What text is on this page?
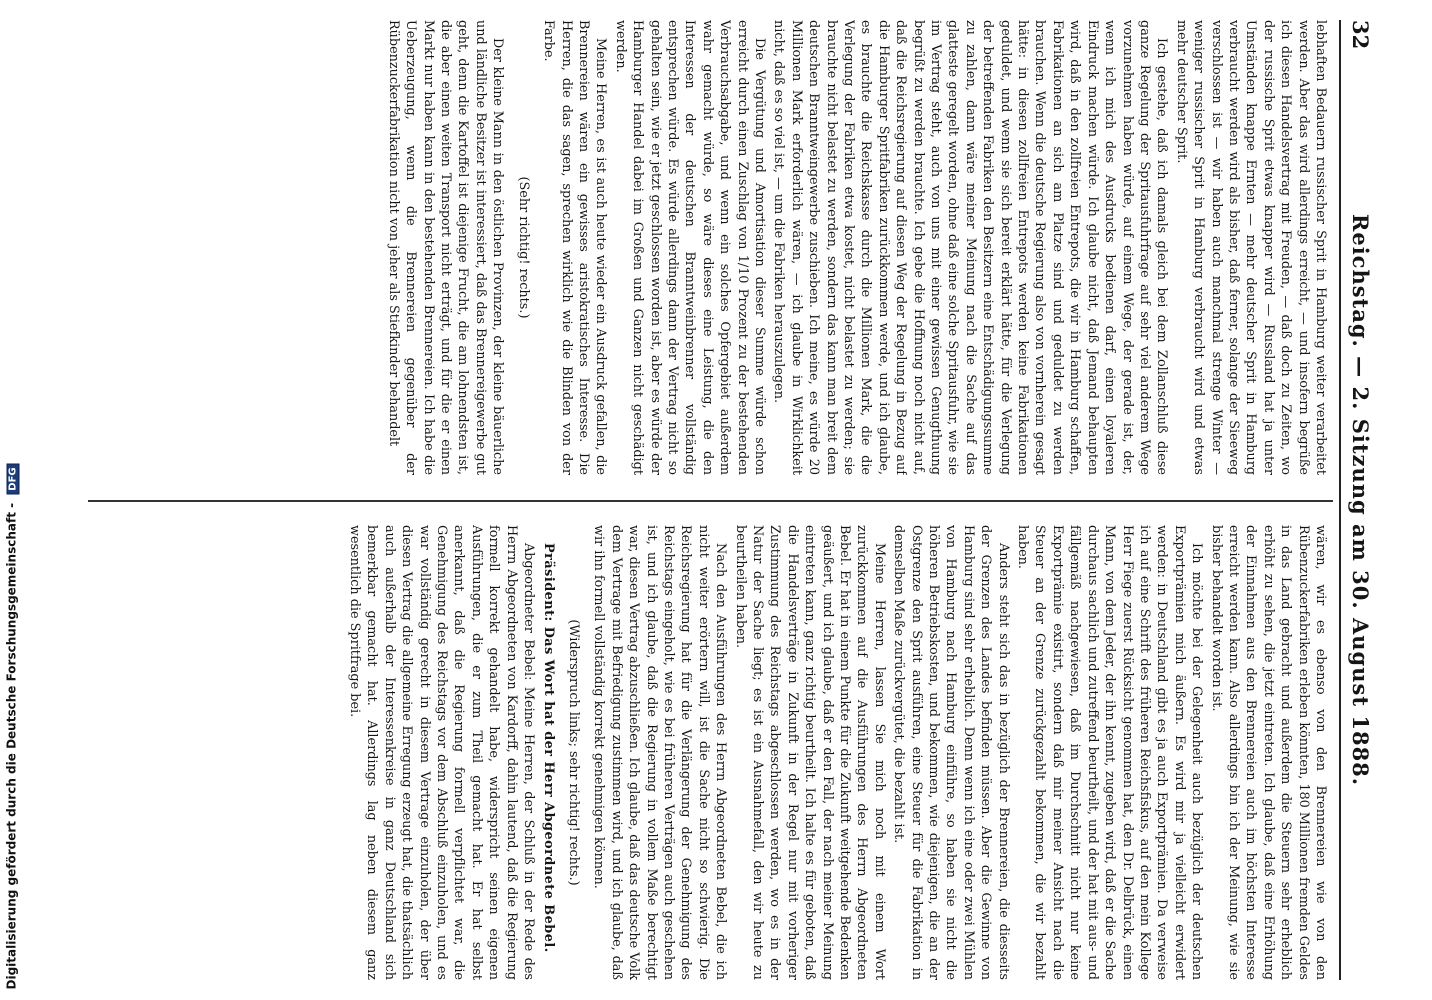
32
Reichstag. — 2. Sitzung am 30. August 1888.

lebhaften Bedauern russischer Sprit in Hamburg weiter verarbeitet werden. Aber das wird allerdings erreicht, — und insofern begrüße ich diesen Handelsvertrag mit Freuden, — daß doch zu Zeiten, wo der russische Sprit etwas knapper wird — Russland hat ja unter Umständen knappe Ernten — mehr deutscher Sprit in Hamburg verbraucht werden wird als bisher, daß ferner, solange der Sieeweg verschlossen ist — wir haben auch manchmal strenge Winter — weniger russischer Sprit in Hamburg verbraucht wird und etwas mehr deutscher Sprit.

Ich gestehe, daß ich damals gleich bei dem Zollanschluß diese ganze Regelung der Spritausfuhrfrage auf sehr viel anderem Wege vorzunehmen haben würde, auf einem Wege, der gerade ist, der, wenn ich mich des Ausdrucks bedienen darf, einen loyaleren Eindruck machen würde. Ich glaube nicht, daß Jemand behaupten wird, daß in den zollfreien Entrepots, die wir in Hamburg schaffen, Fabrikationen an sich am Platze sind und geduldet zu werden brauchen. Wenn die deutsche Regierung also von vornherein gesagt hätte: in diesen zollfreien Entrepots werden keine Fabrikationen geduldet, und wenn sie sich bereit erklärt hätte, für die Verlegung der betreffenden Fabriken den Besitzern eine Entschädigungssumme zu zahlen, dann wäre meiner Meinung nach die Sache auf das glatteste geregelt worden, ohne daß eine solche Spritausfuhr, wie sie im Vertrag steht, auch von uns mit einer gewissen Genugthuung begrüßt zu werden brauchte. Ich gebe die Hoffnung noch nicht auf, daß die Reichsregierung auf diesen Weg der Regelung in Bezug auf die Hamburger Spritfabriken zurückkommen werde, und ich glaube, es brauchte die Reichskasse durch die Millionen Mark, die die Verlegung der Fabriken etwa kostet, nicht belastet zu werden; sie brauchte nicht belastet zu werden, sondern das kann man breit dem deutschen Branntweingewerbe zuschieben. Ich meine, es würde 20 Millionen Mark erforderlich wären, — ich glaube in Wirklichkeit nicht, daß es so viel ist, — um die Fabriken herauszulegen.

Die Vergütung und Amortisation dieser Summe würde schon erreicht durch einen Zuschlag von 1/10 Prozent zu der bestehenden Verbrauchsabgabe, und wenn ein solches Opfergebiet außerdem wahr gemacht würde, so wäre dieses eine Leistung, die den Interessen der deutschen Branntweinbrenner vollständig entsprechen würde. Es würde allerdings dann der Vertrag nicht so gehalten sein, wie er jetzt geschlossen worden ist, aber es würde der Hamburger Handel dabei im Großen und Ganzen nicht geschädigt werden.

Meine Herren, es ist auch heute wieder ein Ausdruck gefallen, die Brennereien wären ein gewisses aristokratisches Interesse. Die Herren, die das sagen, sprechen wirklich wie die Blinden von der Farbe.

(Sehr richtig! rechts.)

Der kleine Mann in den östlichen Provinzen, der kleine bäuerliche und ländliche Besitzer ist interessiert, daß das Brennereigewerbe gut geht, denn die Kartoffel ist diejenige Frucht, die am lohnendsten ist, die aber einen weiten Transport nicht erträgt, und für die er einen Markt nur haben kann in den bestehenden Brennereien. Ich habe die Ueberzeugung, wenn die Brennereien gegenüber der Rübenzuckerfabrikation nicht von jeher als Stiefkinder behandelt

wären, wir es ebenso von den Brennereien wie von den Rübenzuckerfabriken erleben könnten, 180 Millionen fremden Geldes in das Land gebracht und außerdem die Steuern sehr erheblich erhöht zu sehen, die jetzt eintreten. Ich glaube, daß eine Erhöhung der Einnahmen aus den Brennereien auch im höchsten Interesse erreicht werden kann. Also allerdings bin ich der Meinung, wie sie bisher behandelt worden ist.

Ich möchte bei der Gelegenheit auch bezüglich der deutschen Exportprämien mich äußern. Es wird mir ja vielleicht erwidert werden: in Deutschland gibt es ja auch Exportprämien. Da verweise ich auf eine Schrift des früheren Reichsfiskus, auf den mein Kollege Herr Fiege zuerst Rücksicht genommen hat, den Dr. Delbrück, einen Mann, von dem Jeder, der ihn kennt, zugeben wird, daß er die Sache durchaus sachlich und zutreffend beurtheilt, und der hat mit aus- und fällgemäß nachgewiesen, daß im Durchschnitt nicht nur keine Exportprämie existirt, sondern daß mir meiner Ansicht nach die Steuer an der Grenze zurückgezahlt bekommen, die wir bezahlt haben.

Anders steht sich das in bezüglich der Brennereien, die diesseits der Grenzen des Landes befinden müssen. Aber die Gewinne von Hamburg sind sehr erheblich. Denn wenn ich eine oder zwei Mühlen von Hamburg nach Hamburg einführe, so haben sie nicht die höheren Betriebskosten, und bekommen, wie diejenigen, die an der Ostgrenze den Sprit ausführen, eine Steuer für die Fabrikation in demselben Maße zurückvergütet, die bezahlt ist.

Meine Herren, lassen Sie mich noch mit einem Wort zurückkommen auf die Ausführungen des Herrn Abgeordneten Bebel. Er hat in einem Punkte für die Zukunft weitgehende Bedenken geäußert, und ich glaube, daß er den Fall, der nach meiner Meinung eintreten kann, ganz richtig beurtheilt. Ich halte es für geboten, daß die Handelsverträge in Zukunft in der Regel nur mit vorheriger Zustimmung des Reichstags abgeschlossen werden, wo es in der Natur der Sache liegt; es ist ein Ausnahmefall, den wir heute zu beurtheilen haben.

Nach den Ausführungen des Herrn Abgeordneten Bebel, die ich nicht weiter erörtern will, ist die Sache nicht so schwierig. Die Reichsregierung hat für die Verlängerung der Genehmigung des Reichstags eingeholt, wie es bei früheren Verträgen auch geschehen ist, und ich glaube, daß die Regierung in vollem Maße berechtigt war, diesen Vertrag abzuschließen. Ich glaube, daß das deutsche Volk dem Vertrage mit Befriedigung zustimmen wird, und ich glaube, daß wir ihn formell vollständig korrekt genehmigen können.

(Widerspruch links; sehr richtig! rechts.)

Präsident: Das Wort hat der Herr Abgeordnete Bebel.

Abgeordneter Bebel: Meine Herren, der Schluß in der Rede des Herrn Abgeordneten von Kardorff, dahin lautend, daß die Regierung formell korrekt gehandelt habe, widerspricht seinen eigenen Ausführungen, die er zum Theil gemacht hat. Er hat selbst anerkannt, daß die Regierung formell verpflichtet war, die Genehmigung des Reichstags vor dem Abschluß einzuholen, und es war vollständig gerecht in diesem Vertrage einzuholen, der über diesen Vertrag die allgemeine Erregung erzeugt hat, die thatsächlich auch außerhalb der Interessenkreise in ganz Deutschland sich bemerkbar gemacht hat. Allerdings lag neben diesem ganz wesentlich die Spritfrage bei.

Digitalisierung gefördert durch die Deutsche Forschungsgemeinschaft - DFG
